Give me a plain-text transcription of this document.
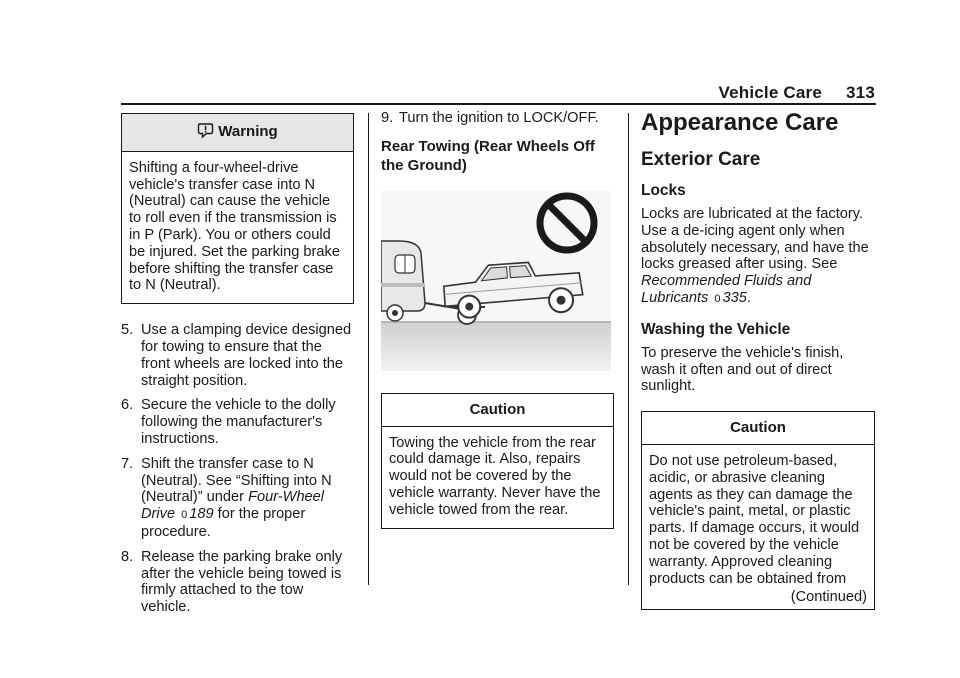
Vehicle Care 313
Warning
Shifting a four-wheel-drive vehicle's transfer case into N (Neutral) can cause the vehicle to roll even if the transmission is in P (Park). You or others could be injured. Set the parking brake before shifting the transfer case to N (Neutral).
5. Use a clamping device designed for towing to ensure that the front wheels are locked into the straight position.
6. Secure the vehicle to the dolly following the manufacturer's instructions.
7. Shift the transfer case to N (Neutral). See “Shifting into N (Neutral)” under Four-Wheel Drive 0 189 for the proper procedure.
8. Release the parking brake only after the vehicle being towed is firmly attached to the tow vehicle.
9. Turn the ignition to LOCK/OFF.
Rear Towing (Rear Wheels Off the Ground)
Caution
Towing the vehicle from the rear could damage it. Also, repairs would not be covered by the vehicle warranty. Never have the vehicle towed from the rear.
Appearance Care
Exterior Care
Locks

Locks are lubricated at the factory. Use a de-icing agent only when absolutely necessary, and have the locks greased after using. See Recommended Fluids and Lubricants 0 335.

Washing the Vehicle

To preserve the vehicle's finish, wash it often and out of direct sunlight.

Caution
Do not use petroleum-based, acidic, or abrasive cleaning agents as they can damage the vehicle's paint, metal, or plastic parts. If damage occurs, it would not be covered by the vehicle warranty. Approved cleaning products can be obtained from
(Continued)
